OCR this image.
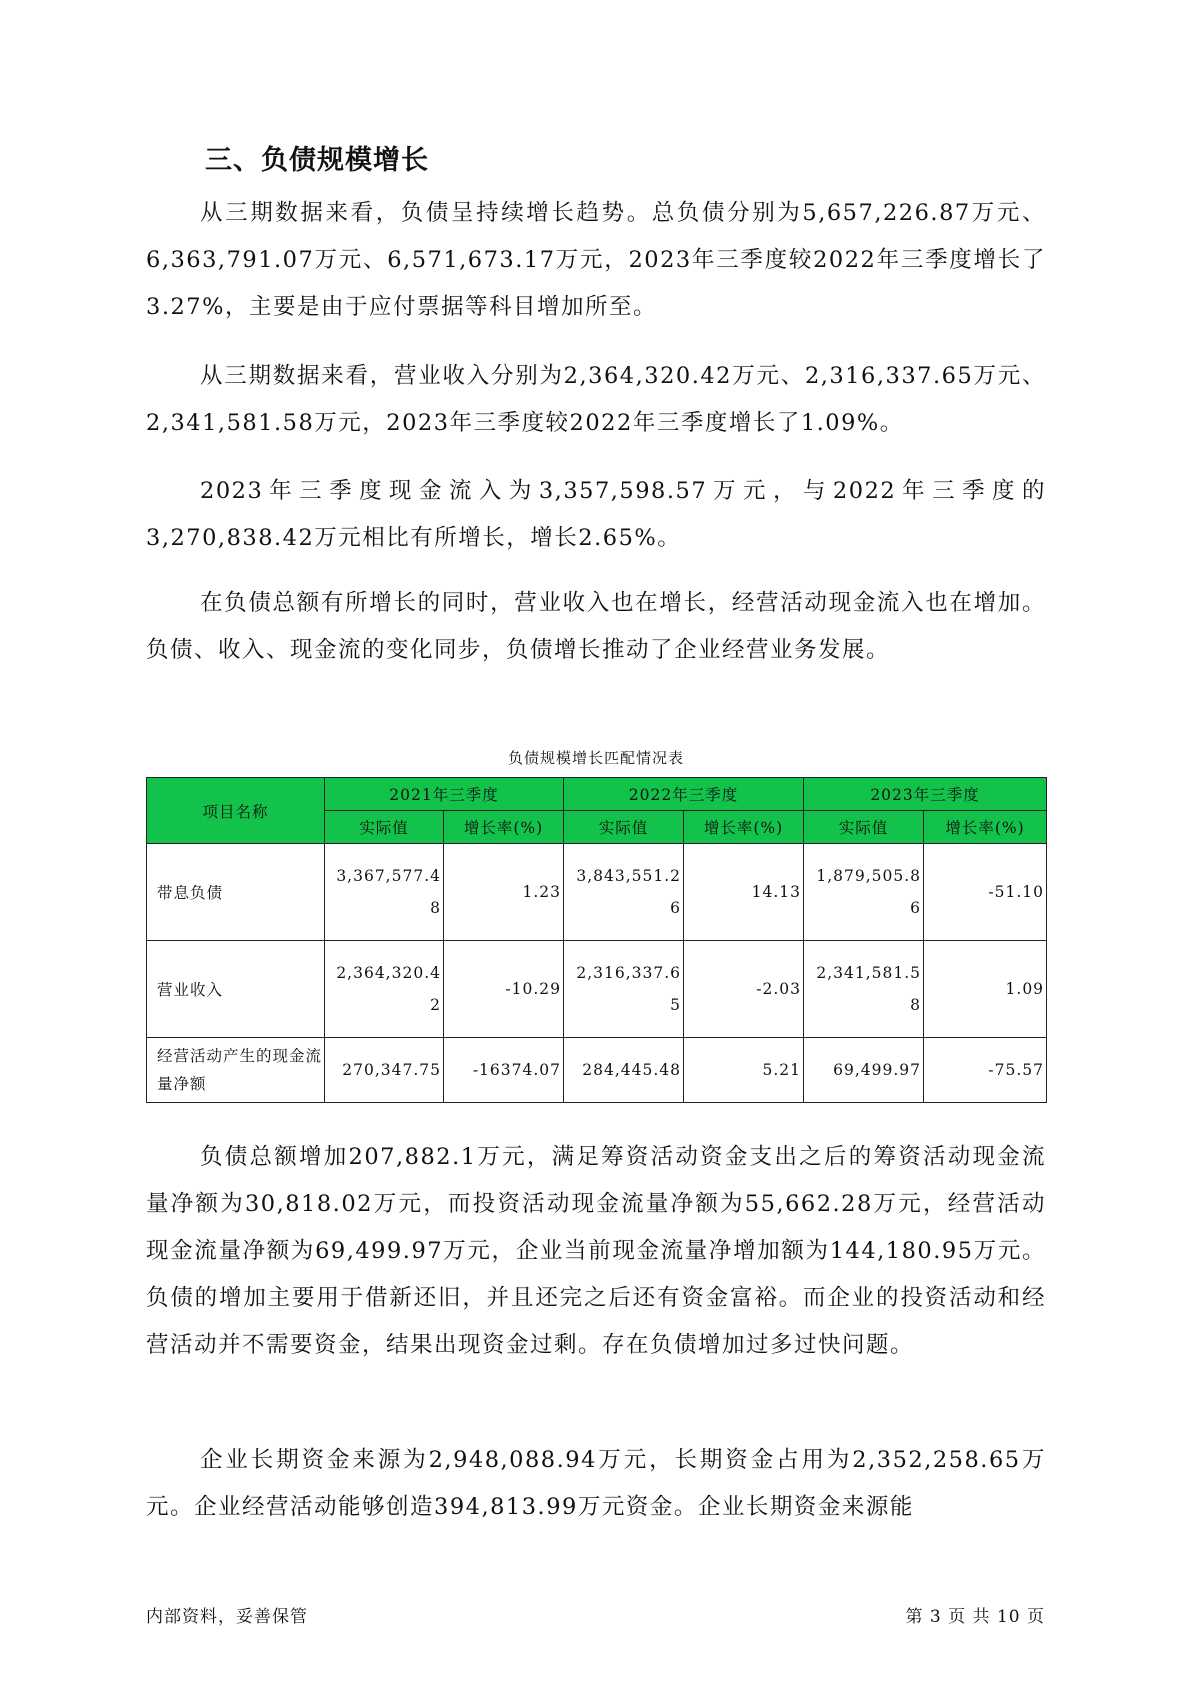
三、负债规模增长

从三期数据来看，负债呈持续增长趋势。总负债分别为5,657,226.87万元、6,363,791.07万元、6,571,673.17万元，2023年三季度较2022年三季度增长了3.27%，主要是由于应付票据等科目增加所至。

从三期数据来看，营业收入分别为2,364,320.42万元、2,316,337.65万元、2,341,581.58万元，2023年三季度较2022年三季度增长了1.09%。

2023年三季度现金流入为3,357,598.57万元，与2022年三季度的3,270,838.42万元相比有所增长，增长2.65%。

在负债总额有所增长的同时，营业收入也在增长，经营活动现金流入也在增加。负债、收入、现金流的变化同步，负债增长推动了企业经营业务发展。

负债规模增长匹配情况表
项目名称	2021年三季度		2022年三季度		2023年三季度	
	实际值	增长率(%)	实际值	增长率(%)	实际值	增长率(%)
带息负债	3,367,577.48	1.23	3,843,551.26	14.13	1,879,505.86	-51.10
营业收入	2,364,320.42	-10.29	2,316,337.65	-2.03	2,341,581.58	1.09
经营活动产生的现金流量净额	270,347.75	-16374.07	284,445.48	5.21	69,499.97	-75.57

负债总额增加207,882.1万元，满足筹资活动资金支出之后的筹资活动现金流量净额为30,818.02万元，而投资活动现金流量净额为55,662.28万元，经营活动现金流量净额为69,499.97万元，企业当前现金流量净增加额为144,180.95万元。负债的增加主要用于借新还旧，并且还完之后还有资金富裕。而企业的投资活动和经营活动并不需要资金，结果出现资金过剩。存在负债增加过多过快问题。

企业长期资金来源为2,948,088.94万元，长期资金占用为2,352,258.65万元。企业经营活动能够创造394,813.99万元资金。企业长期资金来源能

内部资料，妥善保管	第 3 页 共 10 页
